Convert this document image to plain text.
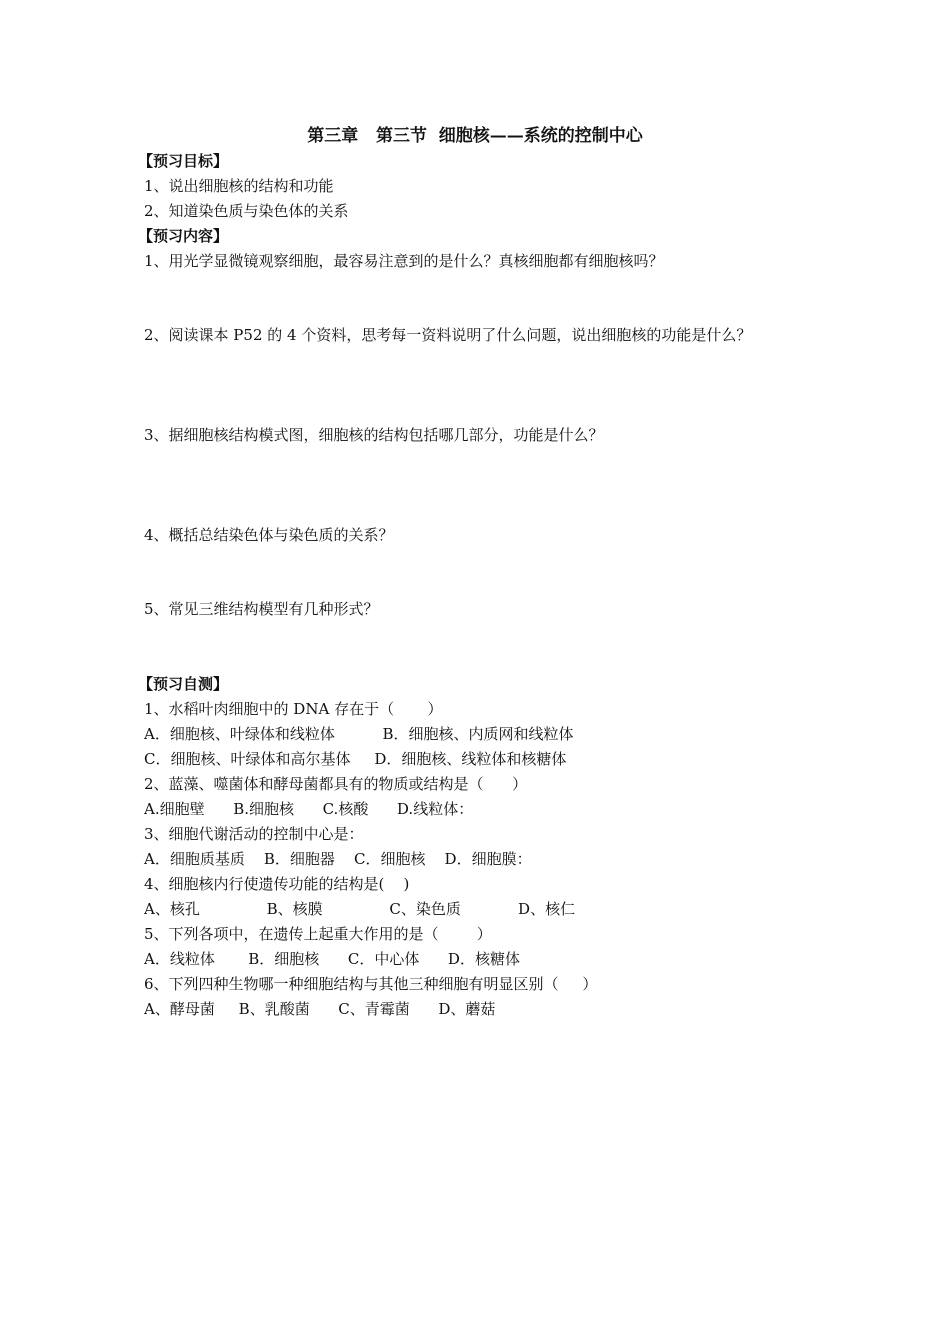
第三章   第三节  细胞核——系统的控制中心
【预习目标】
1、说出细胞核的结构和功能
2、知道染色质与染色体的关系
【预习内容】
1、用光学显微镜观察细胞，最容易注意到的是什么？真核细胞都有细胞核吗？
2、阅读课本 P52 的 4 个资料，思考每一资料说明了什么问题，说出细胞核的功能是什么？
3、据细胞核结构模式图，细胞核的结构包括哪几部分，功能是什么？
4、概括总结染色体与染色质的关系？
5、常见三维结构模型有几种形式？
【预习自测】
1、水稻叶肉细胞中的 DNA 存在于（       ）
A．细胞核、叶绿体和线粒体          B．细胞核、内质网和线粒体
C．细胞核、叶绿体和高尔基体     D．细胞核、线粒体和核糖体
2、蓝藻、噬菌体和酵母菌都具有的物质或结构是（      ）
A.细胞壁      B.细胞核      C.核酸      D.线粒体：
3、细胞代谢活动的控制中心是：
A．细胞质基质    B．细胞器    C．细胞核    D．细胞膜：
4、细胞核内行使遗传功能的结构是(    )
A、核孔              B、核膜              C、染色质            D、核仁
5、下列各项中，在遗传上起重大作用的是（        ）
A．线粒体       B．细胞核      C．中心体      D．核糖体
6、下列四种生物哪一种细胞结构与其他三种细胞有明显区别（     ）
A、酵母菌     B、乳酸菌      C、青霉菌      D、蘑菇
